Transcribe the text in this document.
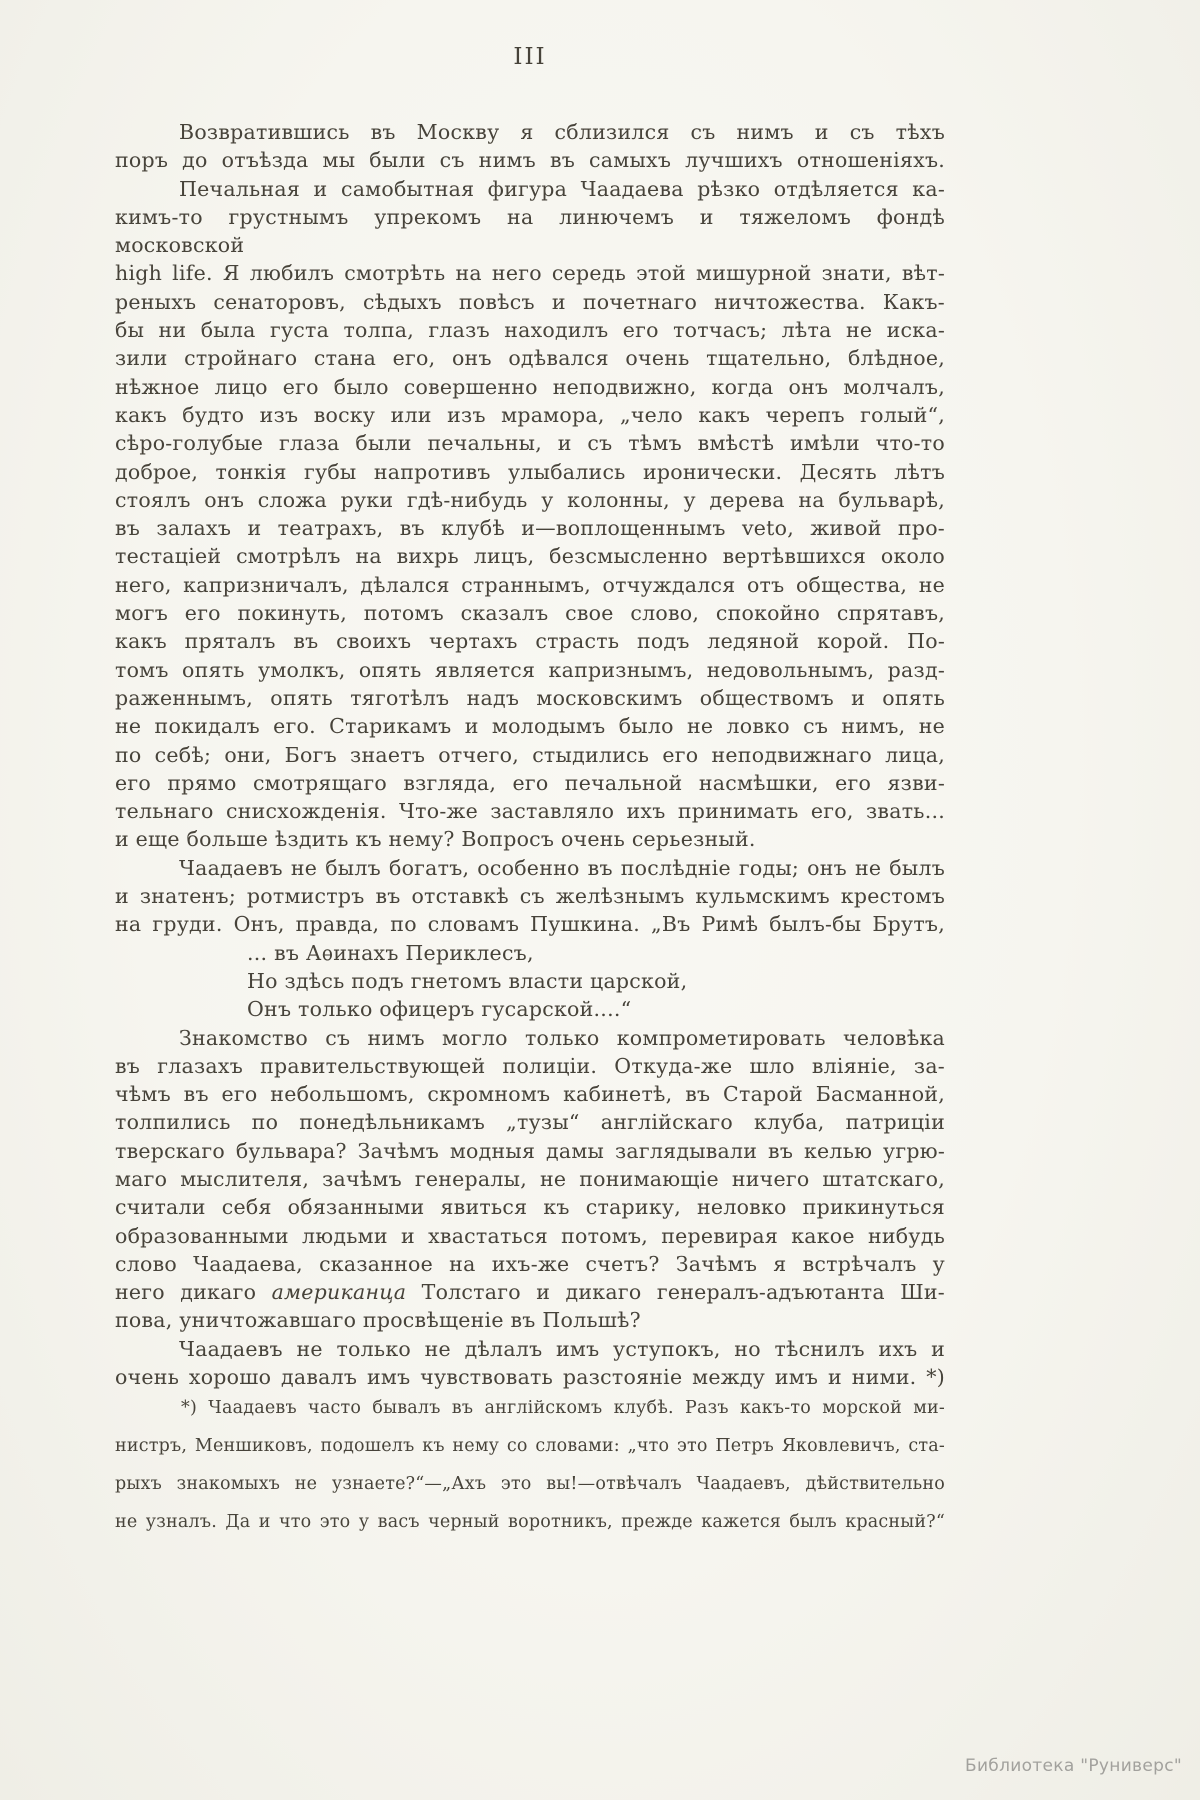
III
Возвратившись въ Москву я сблизился съ нимъ и съ тѣхъ
поръ до отъѣзда мы были съ нимъ въ самыхъ лучшихъ отношеніяхъ.
Печальная и самобытная фигура Чаадаева рѣзко отдѣляется ка-
кимъ-то грустнымъ упрекомъ на линючемъ и тяжеломъ фондѣ московской
high life. Я любилъ смотрѣть на него середь этой мишурной знати, вѣт-
реныхъ сенаторовъ, сѣдыхъ повѣсъ и почетнаго ничтожества. Какъ-
бы ни была густа толпа, глазъ находилъ его тотчасъ; лѣта не иска-
зили стройнаго стана его, онъ одѣвался очень тщательно, блѣдное,
нѣжное лицо его было совершенно неподвижно, когда онъ молчалъ,
какъ будто изъ воску или изъ мрамора, „чело какъ черепъ голый“,
сѣро-голубые глаза были печальны, и съ тѣмъ вмѣстѣ имѣли что-то
доброе, тонкія губы напротивъ улыбались иронически. Десять лѣтъ
стоялъ онъ сложа руки гдѣ-нибудь у колонны, у дерева на бульварѣ,
въ залахъ и театрахъ, въ клубѣ и—воплощеннымъ veto, живой про-
тестаціей смотрѣлъ на вихрь лицъ, безсмысленно вертѣвшихся около
него, капризничалъ, дѣлался страннымъ, отчуждался отъ общества, не
могъ его покинуть, потомъ сказалъ свое слово, спокойно спрятавъ,
какъ пряталъ въ своихъ чертахъ страсть подъ ледяной корой. По-
томъ опять умолкъ, опять является капризнымъ, недовольнымъ, разд-
раженнымъ, опять тяготѣлъ надъ московскимъ обществомъ и опять
не покидалъ его. Старикамъ и молодымъ было не ловко съ нимъ, не
по себѣ; они, Богъ знаетъ отчего, стыдились его неподвижнаго лица,
его прямо смотрящаго взгляда, его печальной насмѣшки, его язви-
тельнаго снисхожденія. Что-же заставляло ихъ принимать его, звать...
и еще больше ѣздить къ нему? Вопросъ очень серьезный.
Чаадаевъ не былъ богатъ, особенно въ послѣдніе годы; онъ не былъ
и знатенъ; ротмистръ въ отставкѣ съ желѣзнымъ кульмскимъ крестомъ
на груди. Онъ, правда, по словамъ Пушкина. „Въ Римѣ былъ-бы Брутъ,
... въ Аѳинахъ Периклесъ,
Но здѣсь подъ гнетомъ власти царской,
Онъ только офицеръ гусарской....“
Знакомство съ нимъ могло только компрометировать человѣка
въ глазахъ правительствующей полиціи. Откуда-же шло вліяніе, за-
чѣмъ въ его небольшомъ, скромномъ кабинетѣ, въ Старой Басманной,
толпились по понедѣльникамъ „тузы“ англійскаго клуба, патриціи
тверскаго бульвара? Зачѣмъ модныя дамы заглядывали въ келью угрю-
маго мыслителя, зачѣмъ генералы, не понимающіе ничего штатскаго,
считали себя обязанными явиться къ старику, неловко прикинуться
образованными людьми и хвастаться потомъ, перевирая какое нибудь
слово Чаадаева, сказанное на ихъ-же счетъ? Зачѣмъ я встрѣчалъ у
него дикаго американца Толстаго и дикаго генералъ-адъютанта Ши-
пова, уничтожавшаго просвѣщеніе въ Польшѣ?
Чаадаевъ не только не дѣлалъ имъ уступокъ, но тѣснилъ ихъ и
очень хорошо давалъ имъ чувствовать разстояніе между имъ и ними. *)
*) Чаадаевъ часто бывалъ въ англійскомъ клубѣ. Разъ какъ-то морской ми-
нистръ, Меншиковъ, подошелъ къ нему со словами: „что это Петръ Яковлевичъ, ста-
рыхъ знакомыхъ не узнаете?“—„Ахъ это вы!—отвѣчалъ Чаадаевъ, дѣйствительно
не узналъ. Да и что это у васъ черный воротникъ, прежде кажется былъ красный?“
Библиотека "Руниверс"
